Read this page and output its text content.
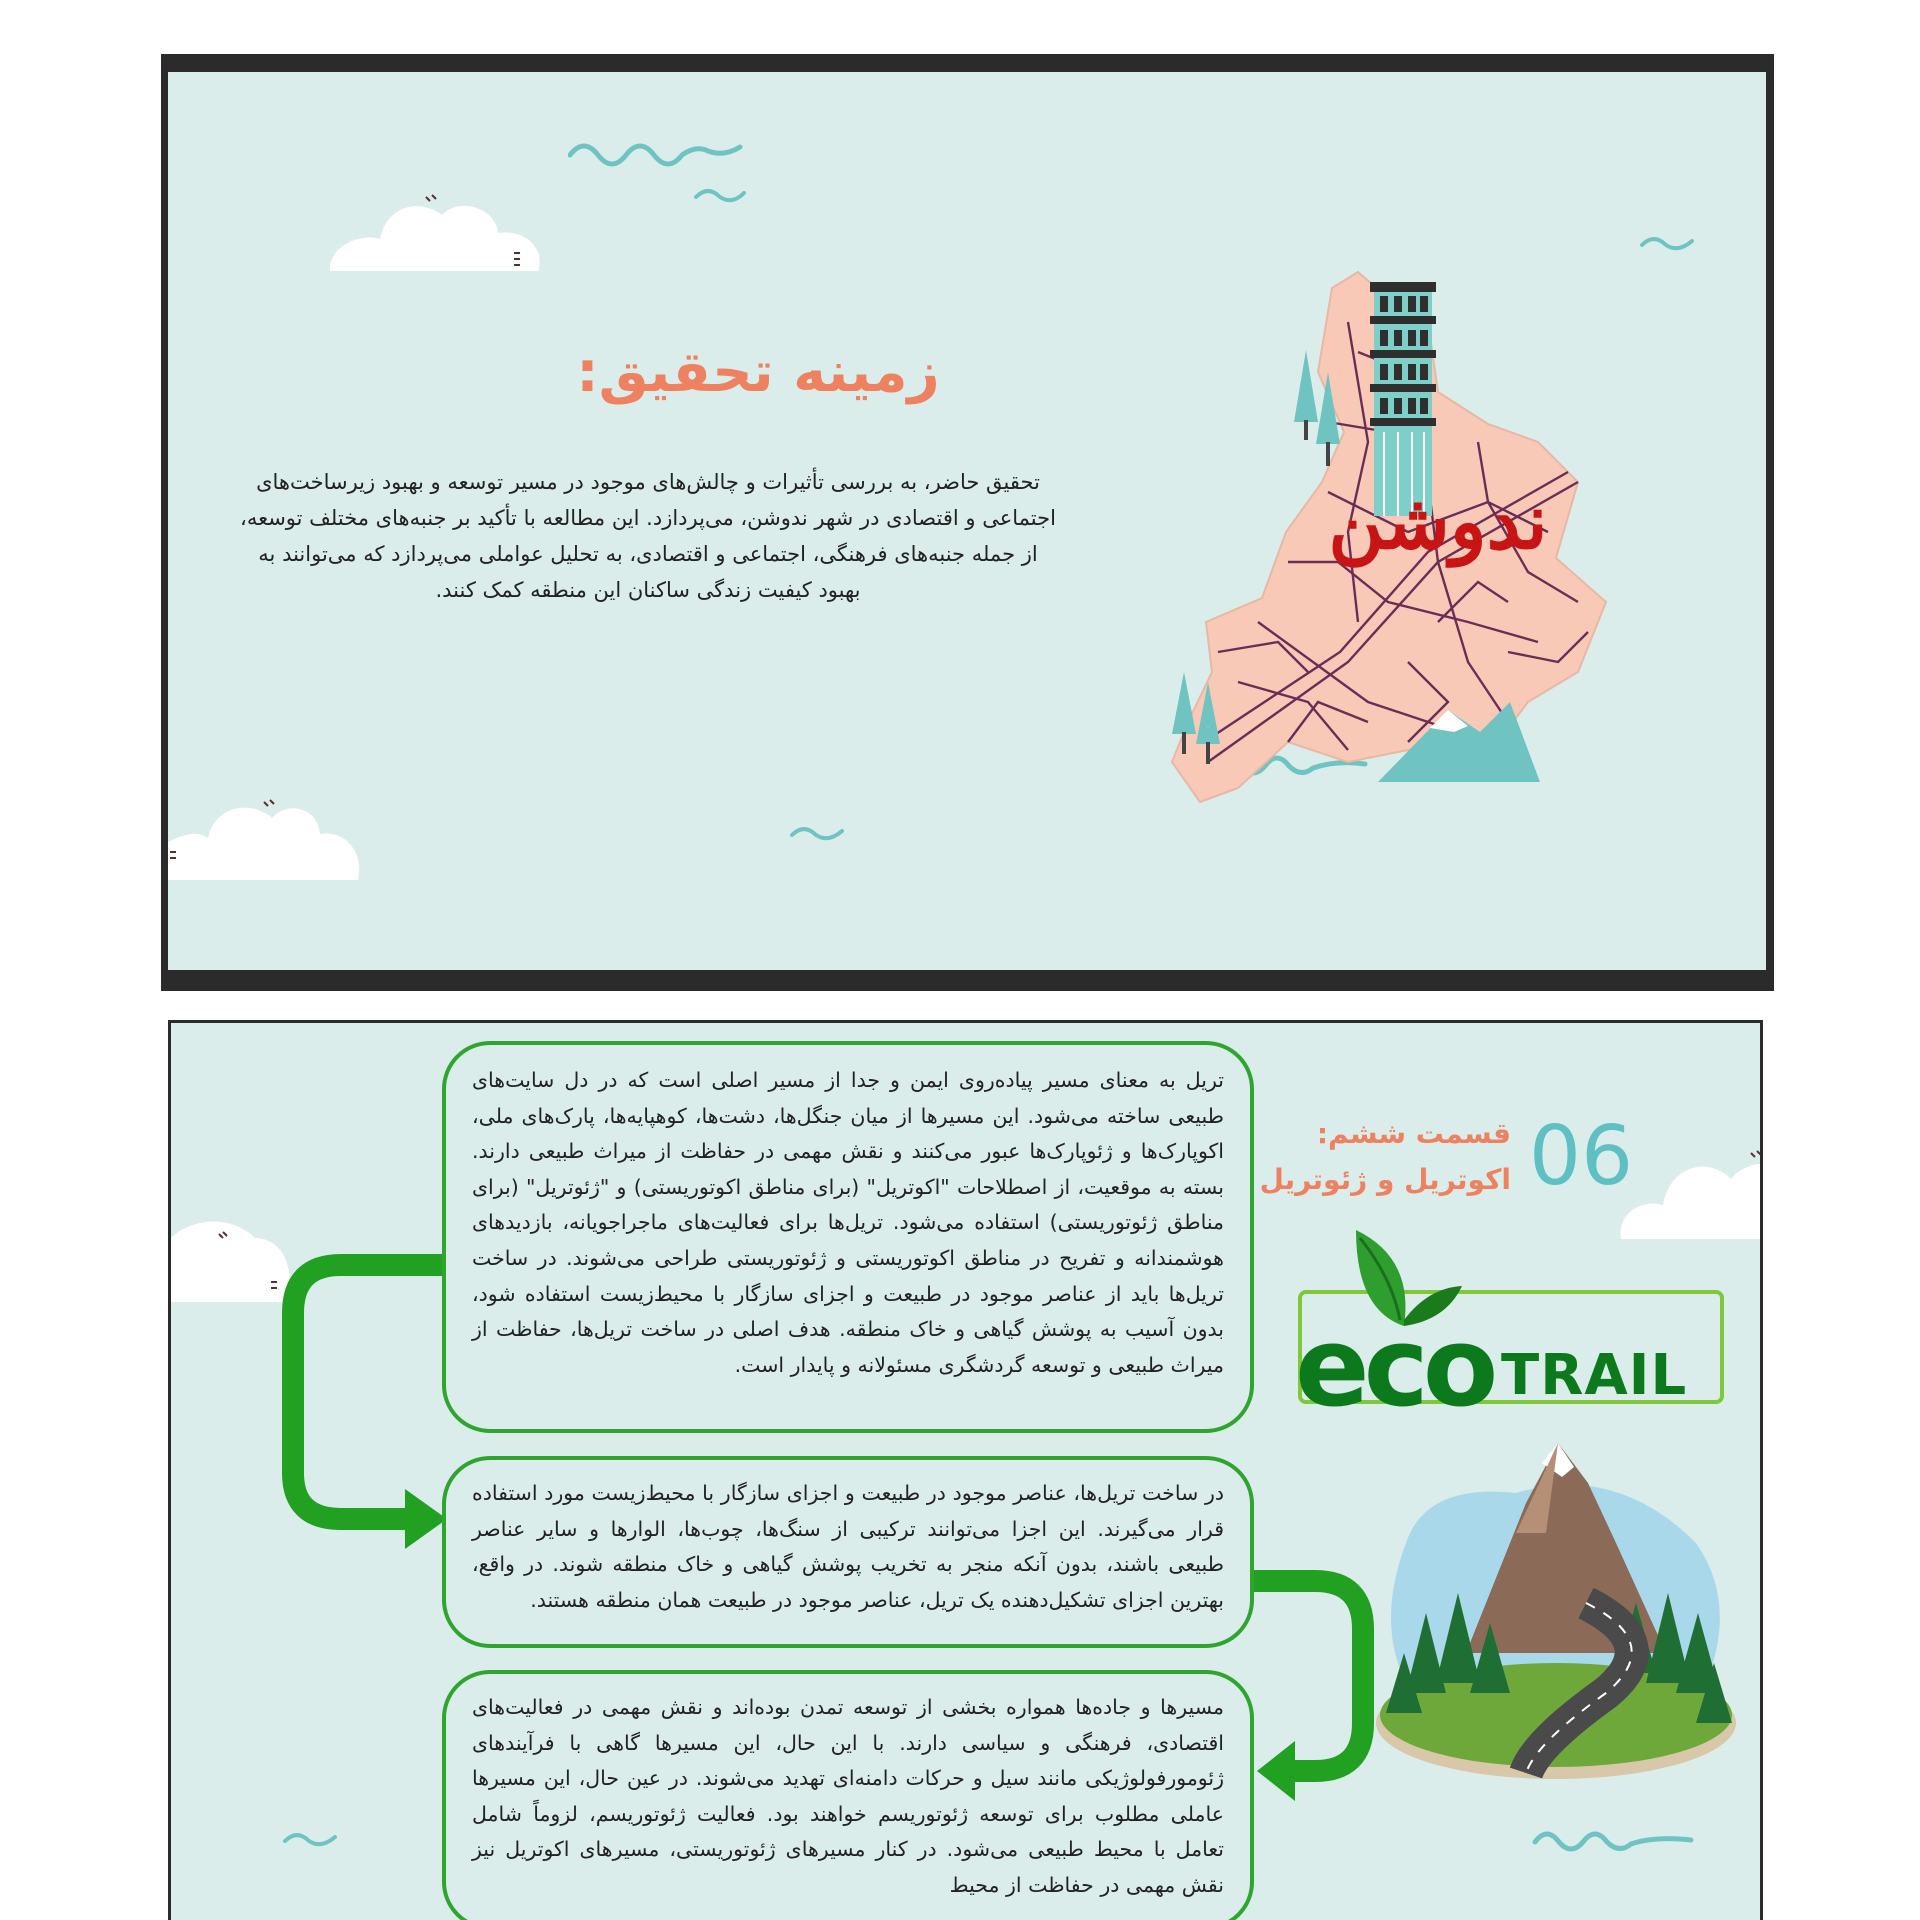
ندوشن
زمینه تحقیق:
تحقیق حاضر، به بررسی تأثیرات و چالش‌های موجود در مسیر توسعه و بهبود زیرساخت‌های اجتماعی و اقتصادی در شهر ندوشن، می‌پردازد. این مطالعه با تأکید بر جنبه‌های مختلف توسعه، از جمله جنبه‌های فرهنگی، اجتماعی و اقتصادی، به تحلیل عواملی می‌پردازد که می‌توانند به بهبود کیفیت زندگی ساکنان این منطقه کمک کنند.
تریل به معنای مسیر پیاده‌روی ایمن و جدا از مسیر اصلی است که در دل سایت‌های طبیعی ساخته می‌شود. این مسیرها از میان جنگل‌ها، دشت‌ها، کوهپایه‌ها، پارک‌های ملی، اکوپارک‌ها و ژئوپارک‌ها عبور می‌کنند و نقش مهمی در حفاظت از میراث طبیعی دارند. بسته به موقعیت، از اصطلاحات "اکوتریل" (برای مناطق اکوتوریستی) و "ژئوتریل" (برای مناطق ژئوتوریستی) استفاده می‌شود. تریل‌ها برای فعالیت‌های ماجراجویانه، بازدیدهای هوشمندانه و تفریح در مناطق اکوتوریستی و ژئوتوریستی طراحی می‌شوند. در ساخت تریل‌ها باید از عناصر موجود در طبیعت و اجزای سازگار با محیط‌زیست استفاده شود، بدون آسیب به پوشش گیاهی و خاک منطقه. هدف اصلی در ساخت تریل‌ها، حفاظت از میراث طبیعی و توسعه گردشگری مسئولانه و پایدار است.
در ساخت تریل‌ها، عناصر موجود در طبیعت و اجزای سازگار با محیط‌زیست مورد استفاده قرار می‌گیرند. این اجزا می‌توانند ترکیبی از سنگ‌ها، چوب‌ها، الوارها و سایر عناصر طبیعی باشند، بدون آنکه منجر به تخریب پوشش گیاهی و خاک منطقه شوند. در واقع، بهترین اجزای تشکیل‌دهنده یک تریل، عناصر موجود در طبیعت همان منطقه هستند.
مسیرها و جاده‌ها همواره بخشی از توسعه تمدن بوده‌اند و نقش مهمی در فعالیت‌های اقتصادی، فرهنگی و سیاسی دارند. با این حال، این مسیرها گاهی با فرآیندهای ژئومورفولوژیکی مانند سیل و حرکات دامنه‌ای تهدید می‌شوند. در عین حال، این مسیرها عاملی مطلوب برای توسعه ژئوتوریسم خواهند بود. فعالیت ژئوتوریسم، لزوماً شامل تعامل با محیط طبیعی می‌شود. در کنار مسیرهای ژئوتوریستی، مسیرهای اکوتریل نیز نقش مهمی در حفاظت از محیط
06
قسمت ششم:
اکوتریل و ژئوتریل
eco TRAIL
